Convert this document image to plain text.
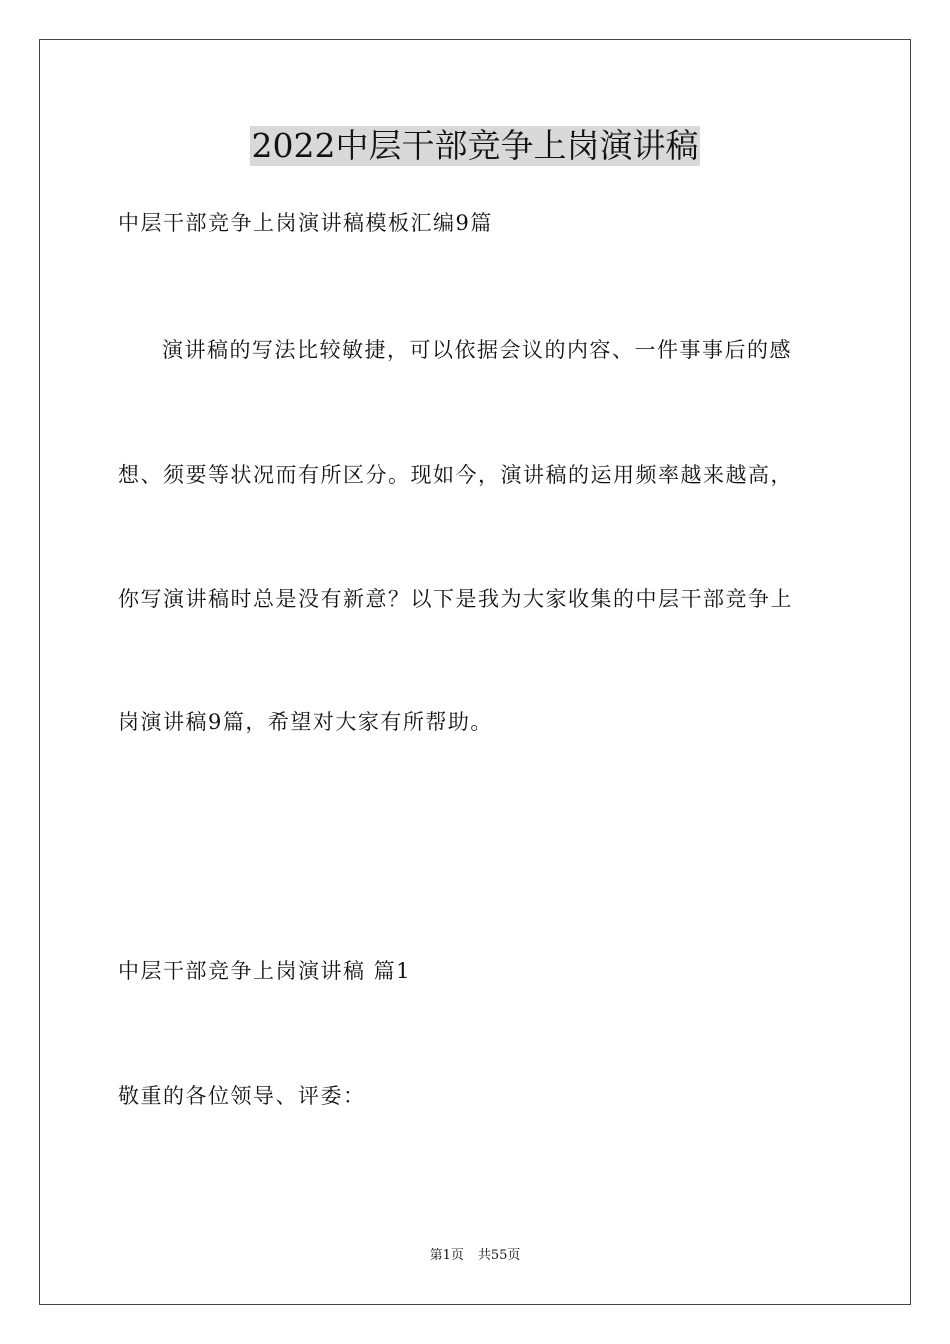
2022中层干部竞争上岗演讲稿

中层干部竞争上岗演讲稿模板汇编9篇

演讲稿的写法比较敏捷，可以依据会议的内容、一件事事后的感

想、须要等状况而有所区分。现如今，演讲稿的运用频率越来越高，

你写演讲稿时总是没有新意？以下是我为大家收集的中层干部竞争上

岗演讲稿9篇，希望对大家有所帮助。

中层干部竞争上岗演讲稿 篇1

敬重的各位领导、评委：

第1页 共55页
